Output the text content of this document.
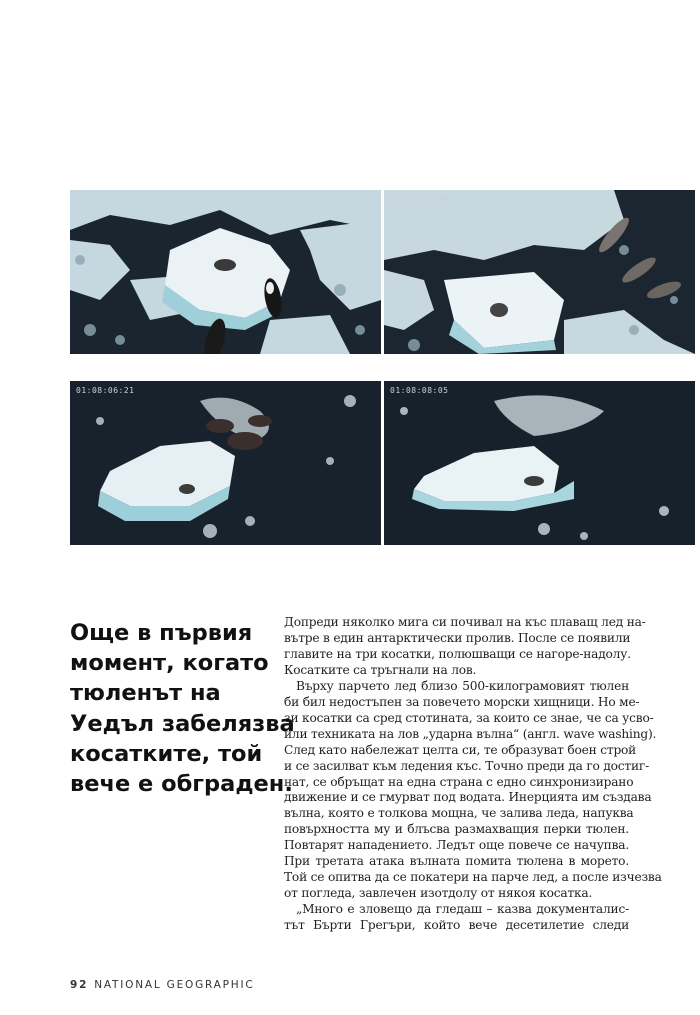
01:06:29:18	01:07:04:08
01:08:06:21	01:08:08:05
Още в първия
момент, когато
тюленът на
Уедъл забелязва
косатките, той
вече е обграден.
Допреди няколко мига си почивал на къс плаващ лед на-
вътре в един антарктически пролив. После се появили
главите на три косатки, полюшващи се нагоре-надолу.
Косатките са тръгнали на лов.
Върху парчето лед близо 500-килограмовият тюлен
би бил недостъпен за повечето морски хищници. Но ме-
зи косатки са сред стотината, за които се знае, че са усво-
или техниката на лов „ударна вълна“ (англ. wave washing).
След като набележат целта си, те образуват боен строй
и се засилват към ледения къс. Точно преди да го достиг-
нат, се обръщат на една страна с едно синхронизирано
движение и се гмурват под водата. Инерцията им създава
вълна, която е толкова мощна, че залива леда, напуква
повърхността му и блъсва размахващия перки тюлен.
Повтарят нападението. Ледът още повече се начупва.
При третата атака вълната помита тюлена в морето.
Той се опитва да се покатери на парче лед, а после изчезва
от погледа, завлечен изотдолу от някоя косатка.
„Много е зловещо да гледаш – казва документалис-
тът Бърти Грегъри, който вече десетилетие следи
92 NATIONAL GEOGRAPHIC
